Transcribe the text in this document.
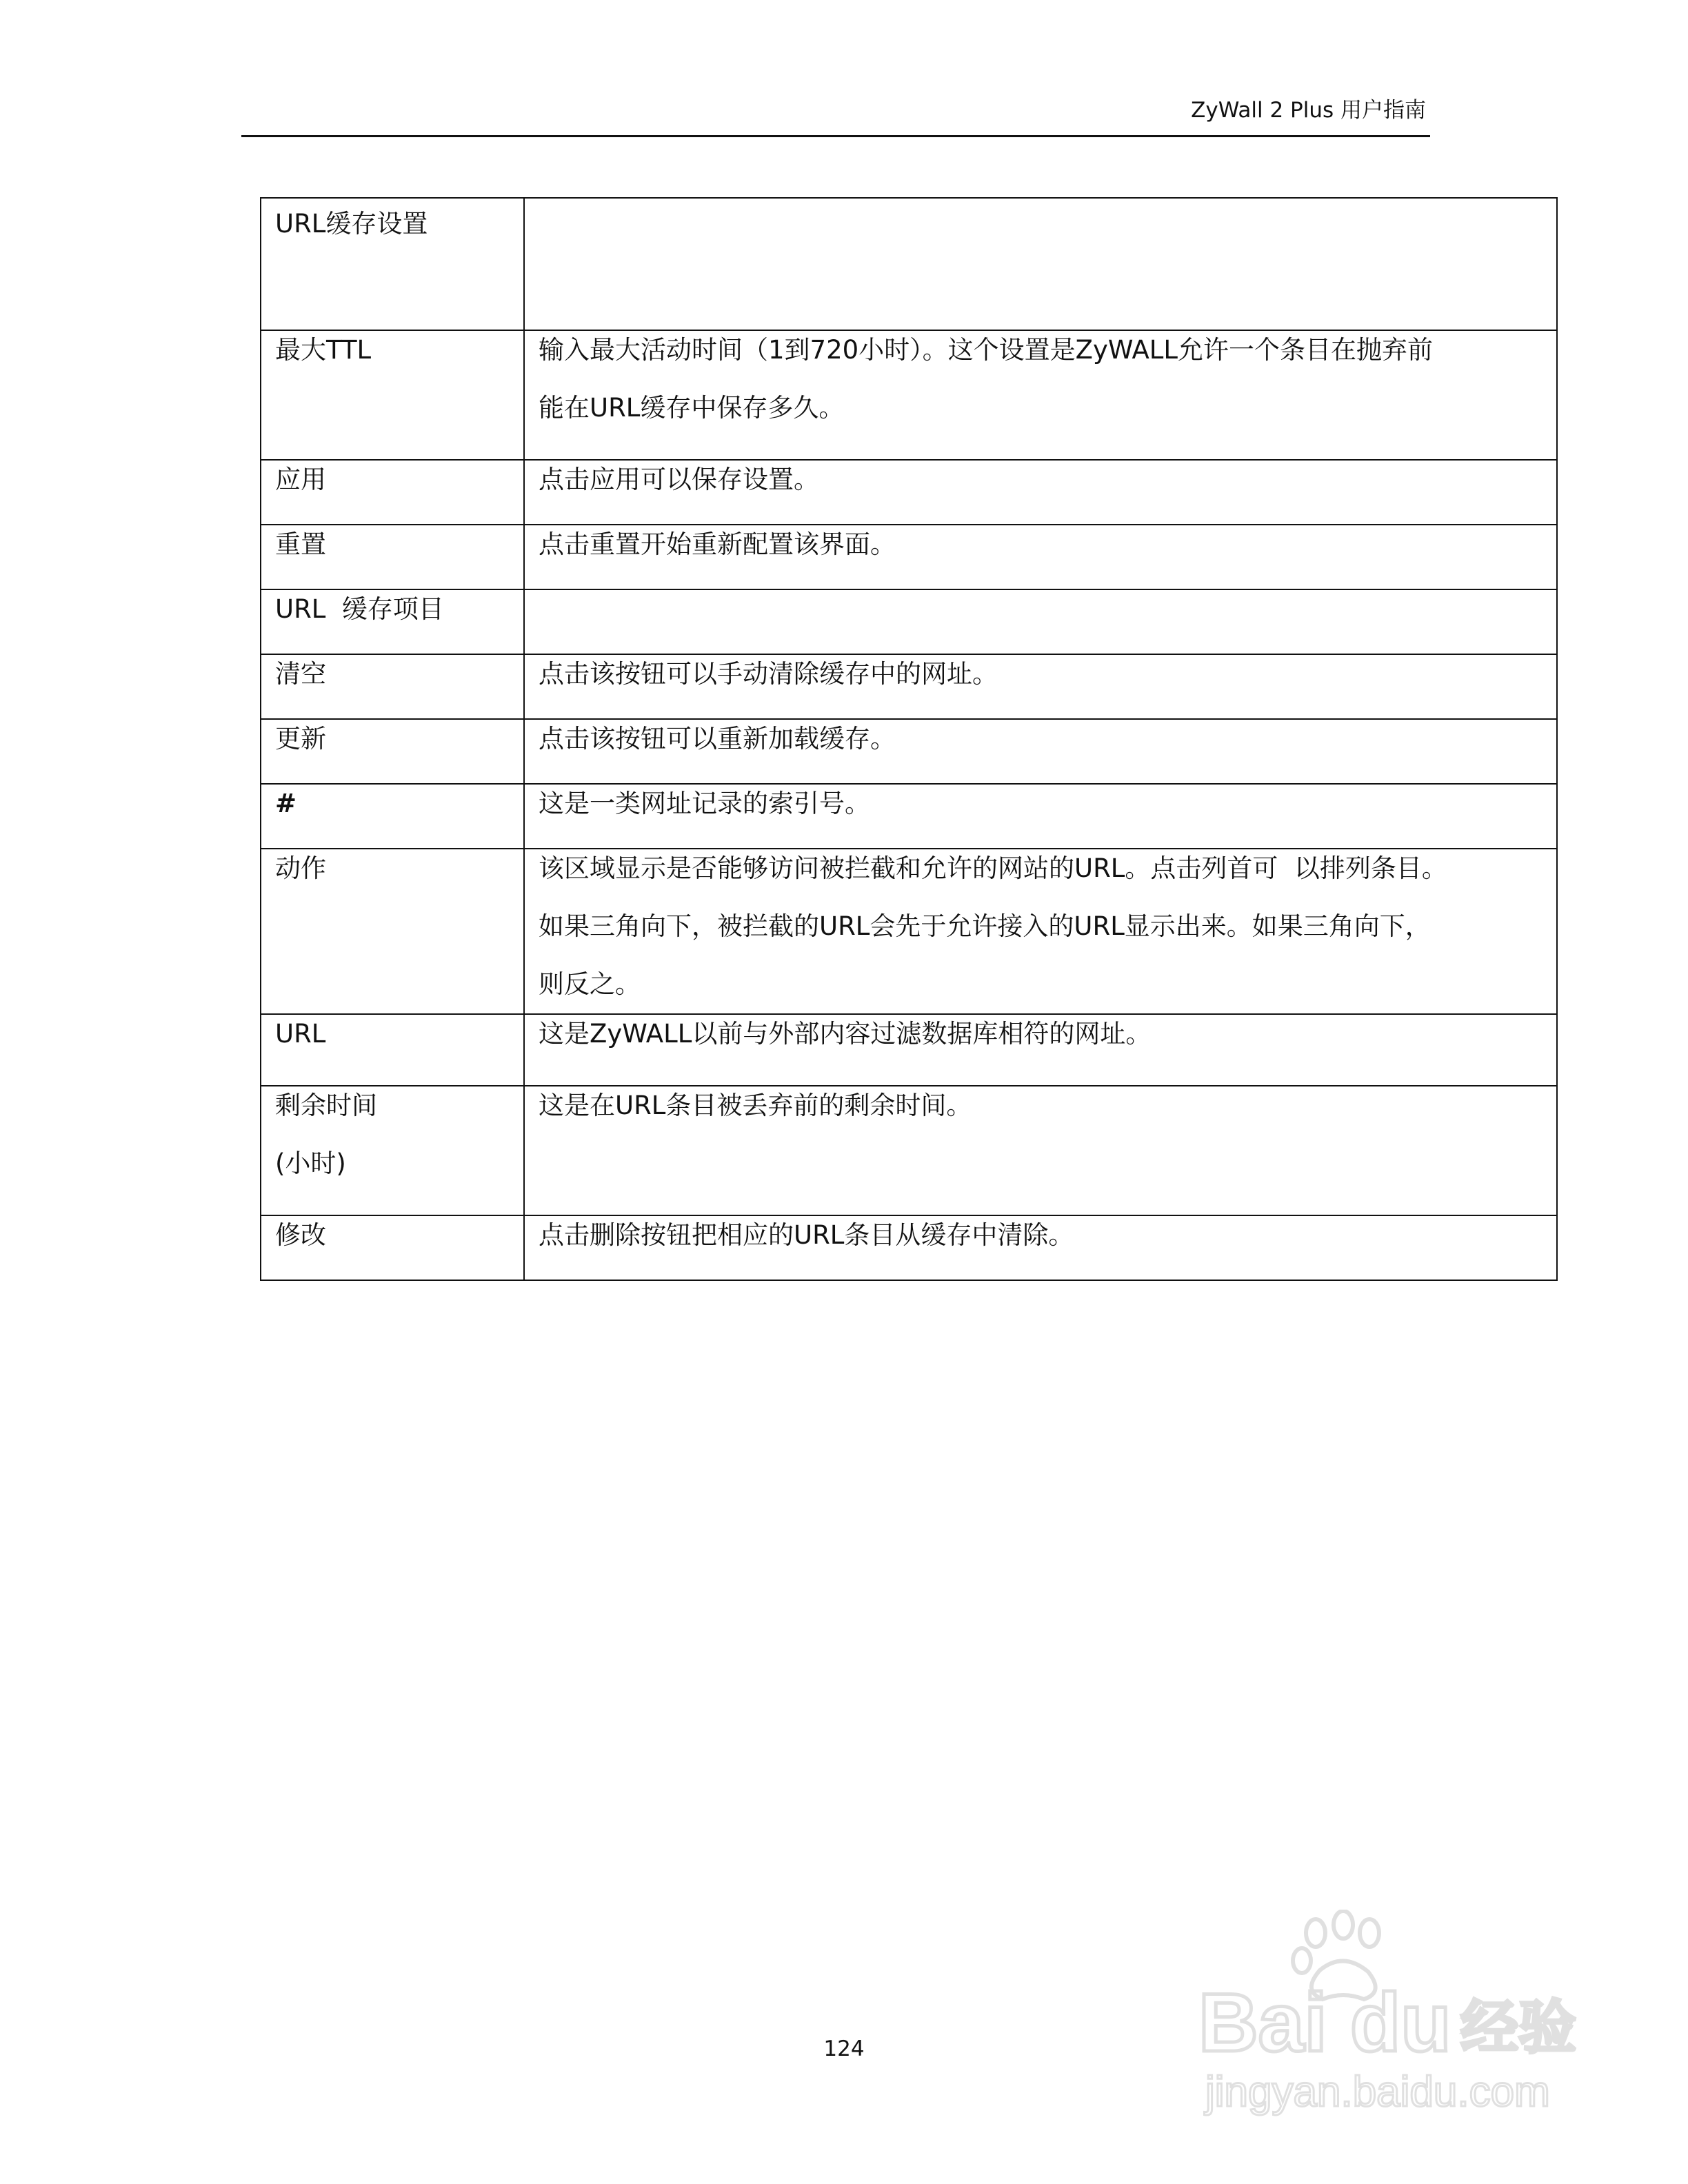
ZyWall 2 Plus 用户指南
URL缓存设置	

最大TTL	输入最大活动时间（1到720小时）。这个设置是ZyWALL允许一个条目在抛弃前
能在URL缓存中保存多久。

应用	点击应用可以保存设置。

重置	点击重置开始重新配置该界面。

URL  缓存项目	

清空	点击该按钮可以手动清除缓存中的网址。

更新	点击该按钮可以重新加载缓存。

#	这是一类网址记录的索引号。

动作	该区域显示是否能够访问被拦截和允许的网站的URL。点击列首可  以排列条目。
如果三角向下，被拦截的URL会先于允许接入的URL显示出来。如果三角向下，
则反之。

URL	这是ZyWALL以前与外部内容过滤数据库相符的网址。

剩余时间
(小时)	这是在URL条目被丢弃前的剩余时间。

修改	点击删除按钮把相应的URL条目从缓存中清除。
124	Bai du 经验
jingyan.baidu.com
